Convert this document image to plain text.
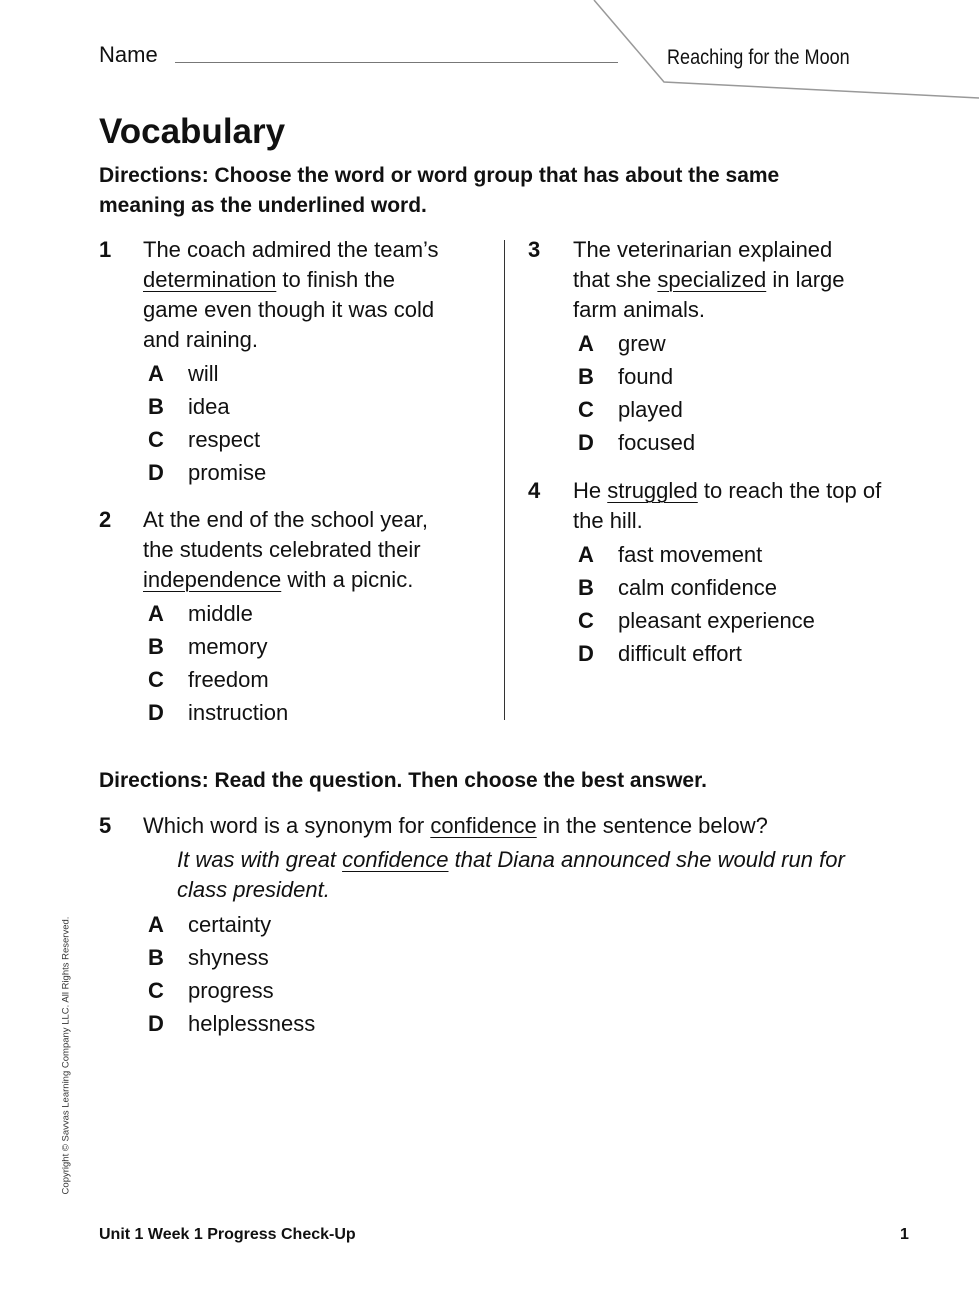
Name	Reaching for the Moon
Vocabulary
Directions: Choose the word or word group that has about the same
meaning as the underlined word.
Directions: Read the question. Then choose the best answer.
1 The coach admired the team’s
determination to finish the
game even though it was cold
and raining.
A will
B idea
C respect
D promise
2 At the end of the school year,
the students celebrated their
independence with a picnic.
A middle
B memory
C freedom
D instruction
3 The veterinarian explained
that she specialized in large
farm animals.
A grew
B found
C played
D focused
4 He struggled to reach the top of
the hill.
A fast movement
B calm confidence
C pleasant experience
D difficult effort
5 Which word is a synonym for confidence in the sentence below?
It was with great confidence that Diana announced she would run for
class president.
A certainty
B shyness
C progress
D helplessness
Copyright © Savvas Learning Company LLC. All Rights Reserved.
Unit 1 Week 1 Progress Check-Up	1
